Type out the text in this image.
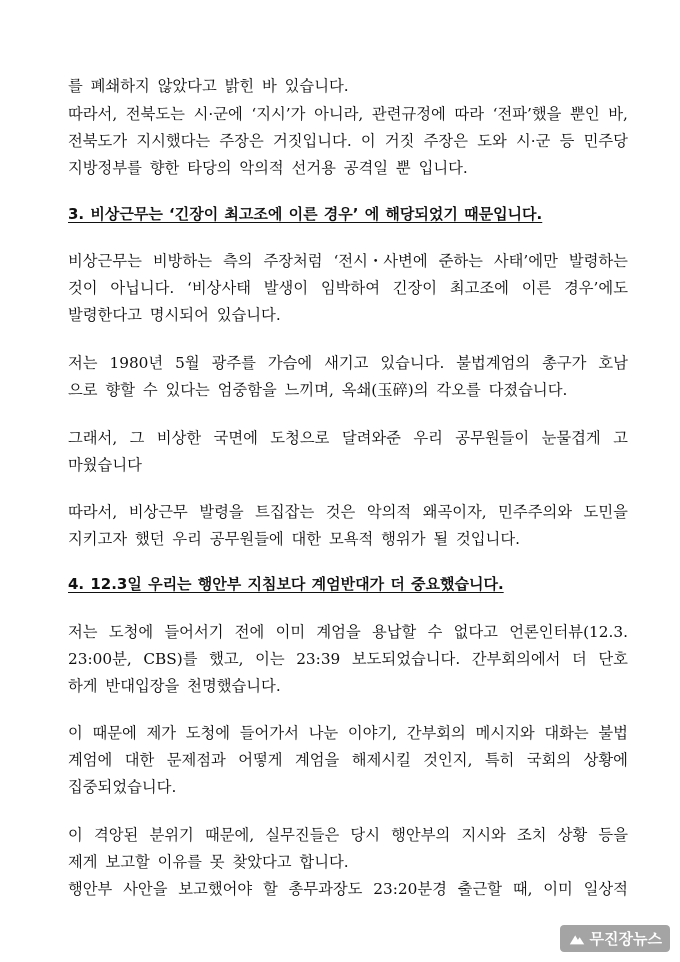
를 폐쇄하지 않았다고 밝힌 바 있습니다.
따라서, 전북도는 시·군에 ‘지시’가 아니라, 관련규정에 따라 ‘전파’했을 뿐인 바,
전북도가 지시했다는 주장은 거짓입니다. 이 거짓 주장은 도와 시·군 등 민주당
지방정부를 향한 타당의 악의적 선거용 공격일 뿐 입니다.
3. 비상근무는 ‘긴장이 최고조에 이른 경우’ 에 해당되었기 때문입니다.
비상근무는 비방하는 측의 주장처럼 ‘전시・사변에 준하는 사태’에만 발령하는
것이 아닙니다. ‘비상사태 발생이 임박하여 긴장이 최고조에 이른 경우’에도
발령한다고 명시되어 있습니다.
저는 1980년 5월 광주를 가슴에 새기고 있습니다. 불법계엄의 총구가 호남
으로 향할 수 있다는 엄중함을 느끼며, 옥쇄(玉碎)의 각오를 다졌습니다.
그래서, 그 비상한 국면에 도청으로 달려와준 우리 공무원들이 눈물겹게 고
마웠습니다
따라서, 비상근무 발령을 트집잡는 것은 악의적 왜곡이자, 민주주의와 도민을
지키고자 했던 우리 공무원들에 대한 모욕적 행위가 될 것입니다.
4. 12.3일 우리는 행안부 지침보다 계엄반대가 더 중요했습니다.
저는 도청에 들어서기 전에 이미 계엄을 용납할 수 없다고 언론인터뷰(12.3.
23:00분, CBS)를 했고, 이는 23:39 보도되었습니다. 간부회의에서 더 단호
하게 반대입장을 천명했습니다.
이 때문에 제가 도청에 들어가서 나눈 이야기, 간부회의 메시지와 대화는 불법
계엄에 대한 문제점과 어떻게 계엄을 해제시킬 것인지, 특히 국회의 상황에
집중되었습니다.
이 격앙된 분위기 때문에, 실무진들은 당시 행안부의 지시와 조치 상황 등을
제게 보고할 이유를 못 찾았다고 합니다.
행안부 사안을 보고했어야 할 총무과장도 23:20분경 출근할 때, 이미 일상적
무진장뉴스
